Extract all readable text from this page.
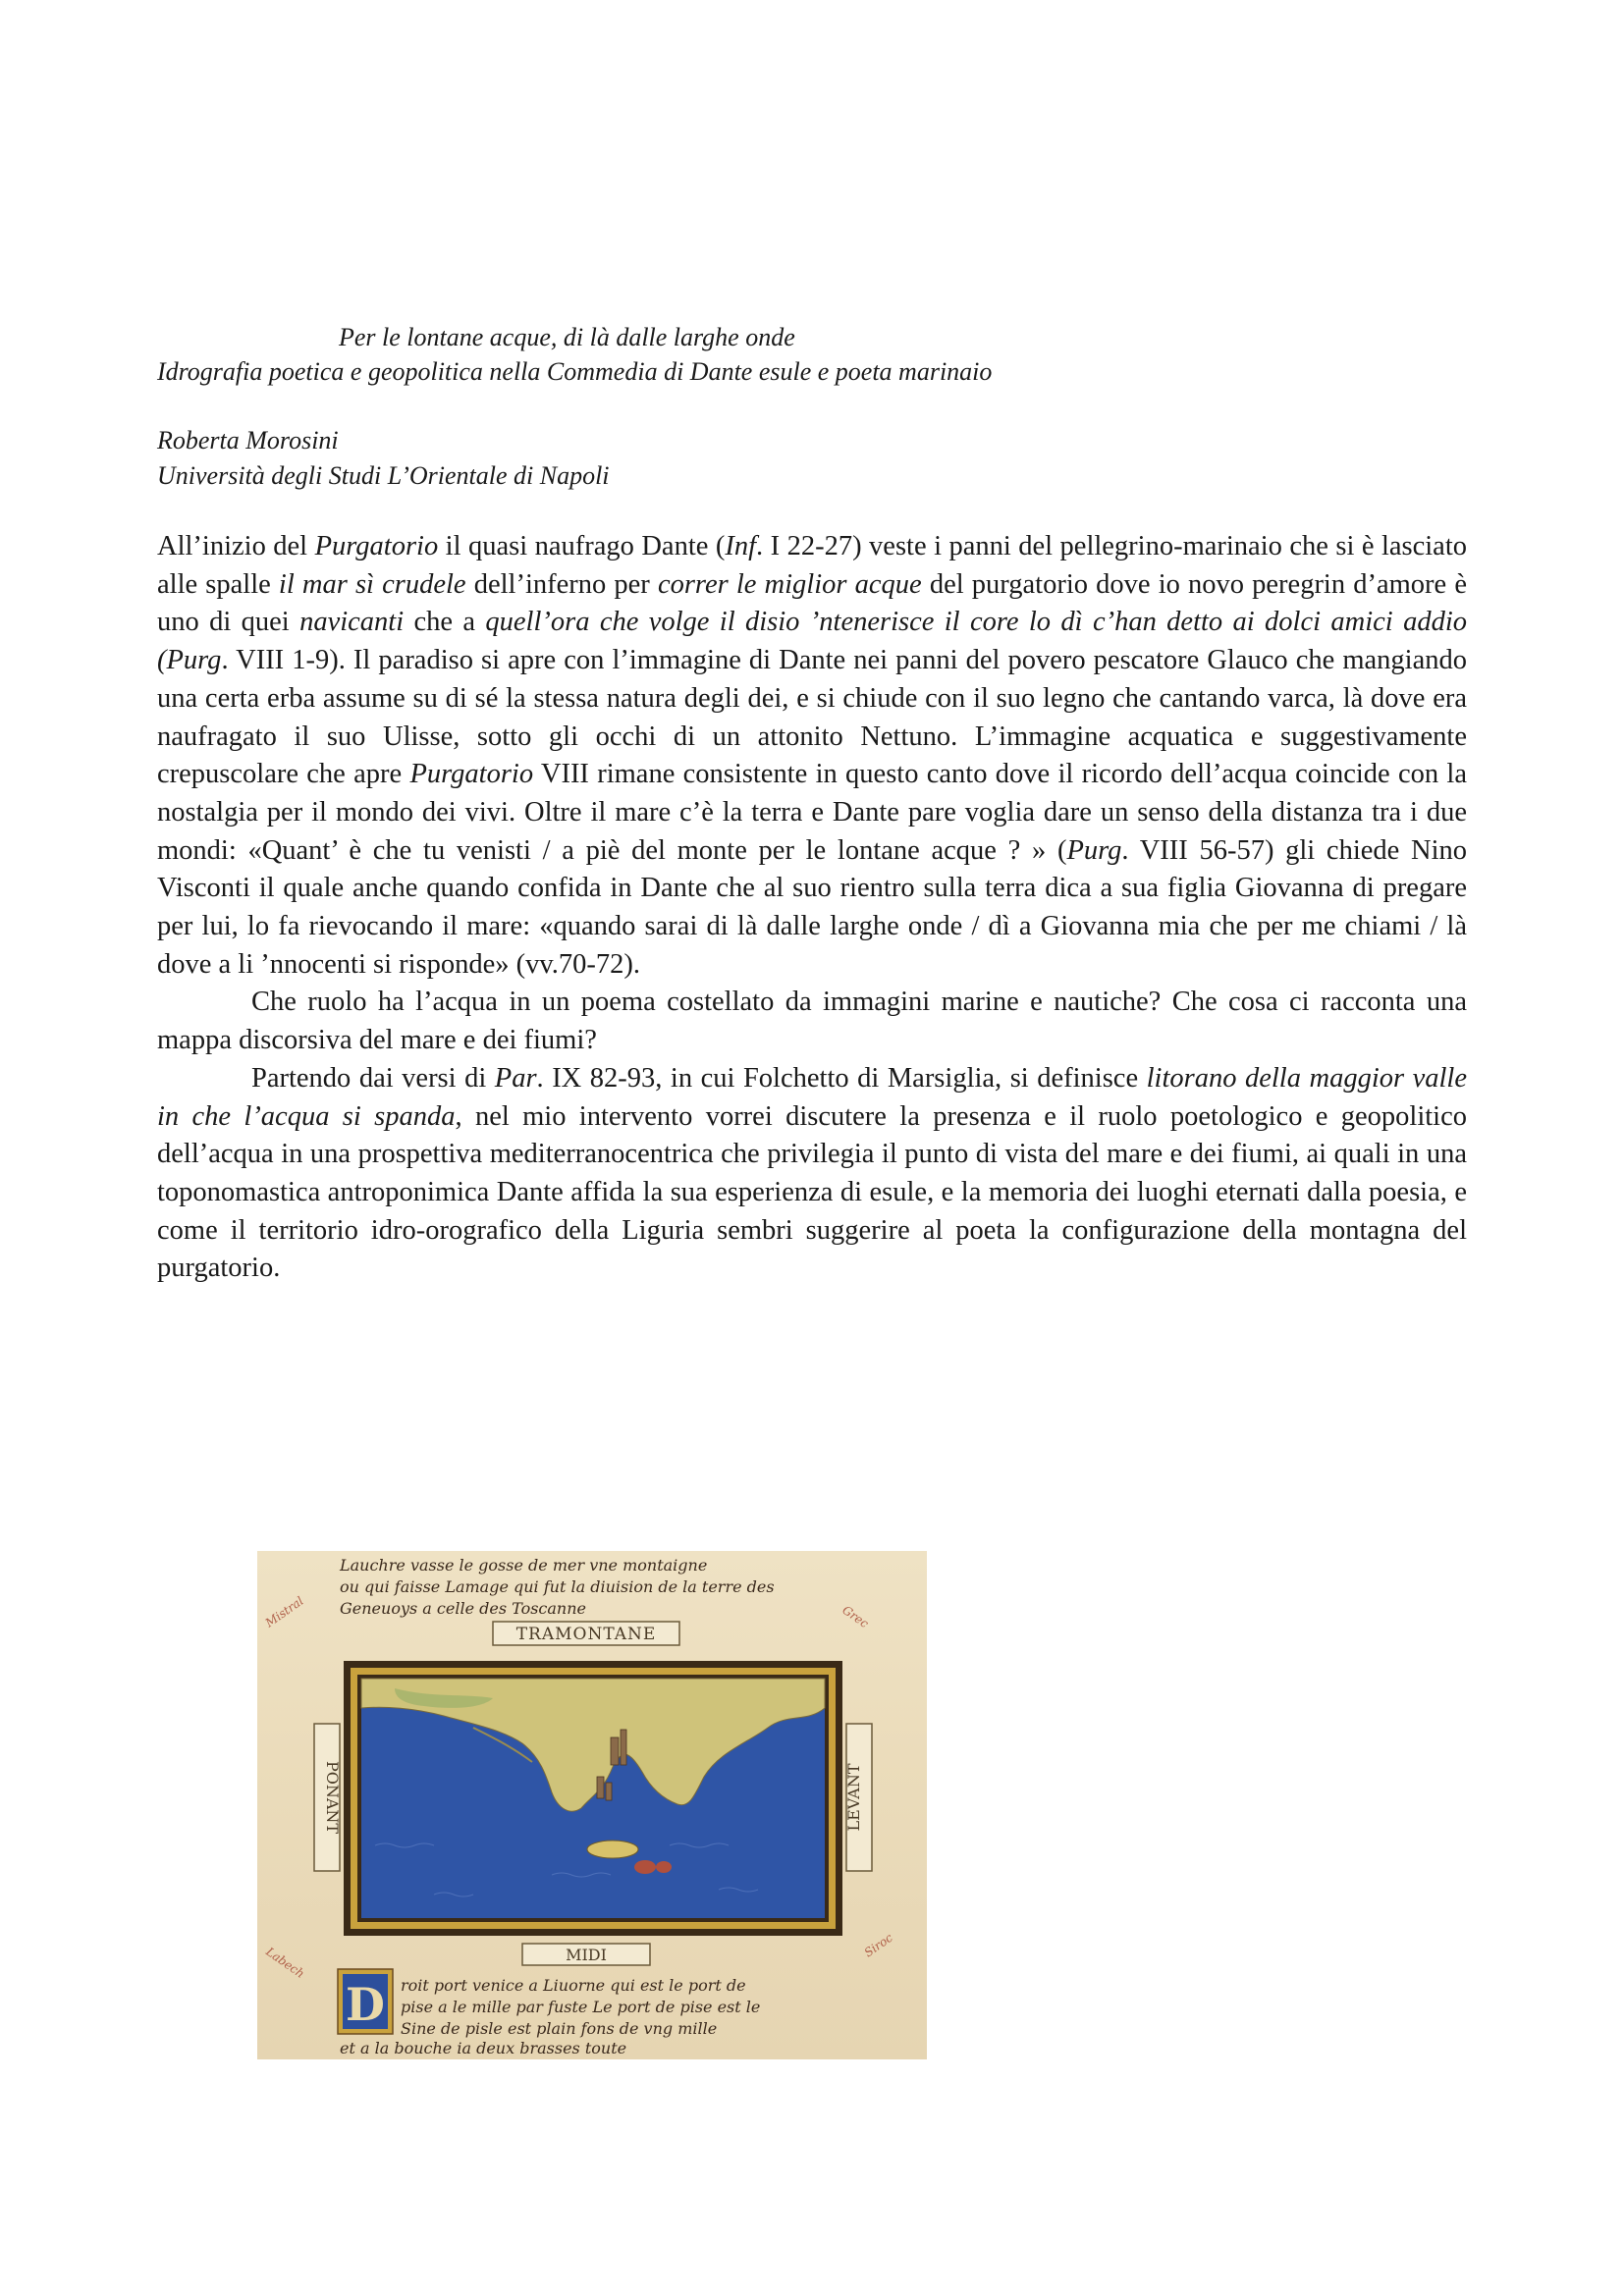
Per le lontane acque, di là dalle larghe onde
Idrografia poetica e geopolitica nella Commedia di Dante esule e poeta marinaio
Roberta Morosini
Università degli Studi L’Orientale di Napoli

All’inizio del Purgatorio il quasi naufrago Dante (Inf. I 22-27) veste i panni del pellegrino-marinaio che si è lasciato alle spalle il mar sì crudele dell’inferno per correr le miglior acque del purgatorio dove io novo peregrin d’amore è uno di quei navicanti che a quell’ora che volge il disio ’ntenerisce il core lo dì c’han detto ai dolci amici addio (Purg. VIII 1-9). Il paradiso si apre con l’immagine di Dante nei panni del povero pescatore Glauco che mangiando una certa erba assume su di sé la stessa natura degli dei, e si chiude con il suo legno che cantando varca, là dove era naufragato il suo Ulisse, sotto gli occhi di un attonito Nettuno. L’immagine acquatica e suggestivamente crepuscolare che apre Purgatorio VIII rimane consistente in questo canto dove il ricordo dell’acqua coincide con la nostalgia per il mondo dei vivi. Oltre il mare c’è la terra e Dante pare voglia dare un senso della distanza tra i due mondi: «Quant’ è che tu venisti / a piè del monte per le lontane acque ? » (Purg. VIII 56-57) gli chiede Nino Visconti il quale anche quando confida in Dante che al suo rientro sulla terra dica a sua figlia Giovanna di pregare per lui, lo fa rievocando il mare: «quando sarai di là dalle larghe onde / dì a Giovanna mia che per me chiami / là dove a li ’nnocenti si risponde» (vv.70-72).

Che ruolo ha l’acqua in un poema costellato da immagini marine e nautiche? Che cosa ci racconta una mappa discorsiva del mare e dei fiumi?

Partendo dai versi di Par. IX 82-93, in cui Folchetto di Marsiglia, si definisce litorano della maggior valle in che l’acqua si spanda, nel mio intervento vorrei discutere la presenza e il ruolo poetologico e geopolitico dell’acqua in una prospettiva mediterranocentrica che privilegia il punto di vista del mare e dei fiumi, ai quali in una toponomastica antroponimica Dante affida la sua esperienza di esule, e la memoria dei luoghi eternati dalla poesia, e come il territorio idro-orografico della Liguria sembri suggerire al poeta la configurazione della montagna del purgatorio.

Lauchre vasse le gosse de mer vne montaigne
ou qui faisse Lamage qui fut la diuision de la terre des
Geneuoys a celle des Toscanne
TRAMONTANE
Mistral	Grec
Labech	Siroc
PONANT	LEVANT
MIDI
D roit port venice a Liuorne qui est le port de
pise a le mille par fuste Le port de pise est le
Sine de pisle est plain fons de vng mille
et a la bouche ia deux brasses toute
